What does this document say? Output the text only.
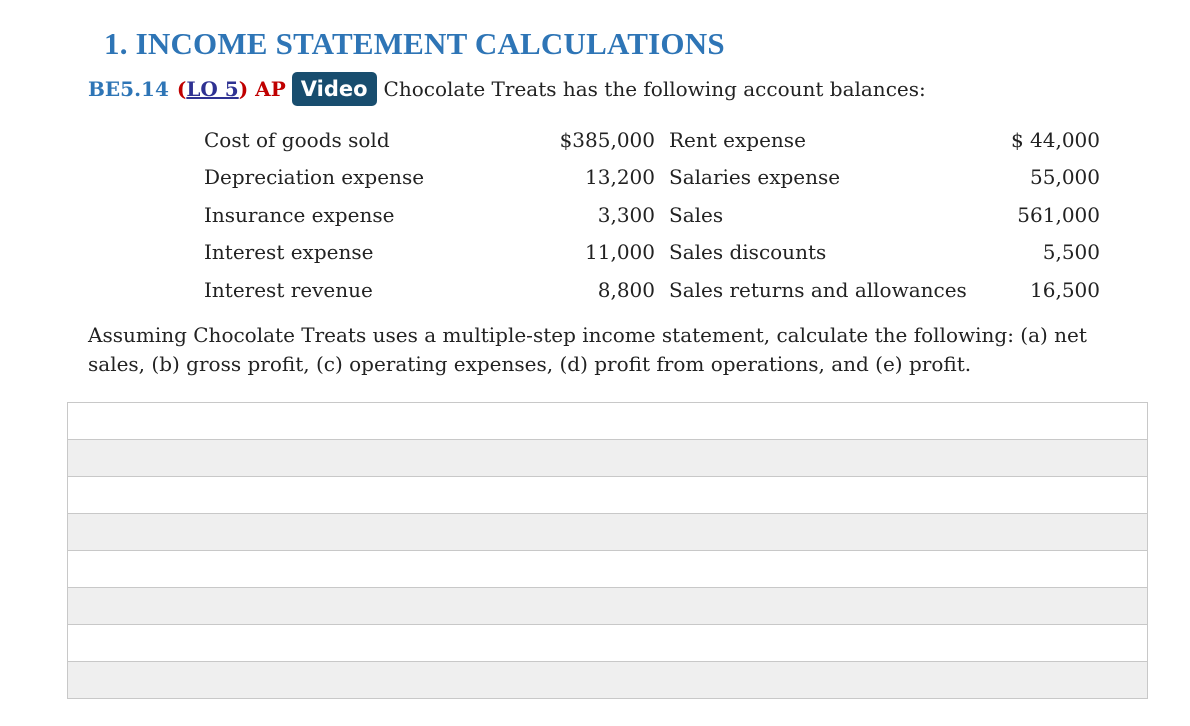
1. INCOME STATEMENT CALCULATIONS
BE5.14 (LO 5) AP Video Chocolate Treats has the following account balances:
Cost of goods sold	$385,000	Rent expense	$ 44,000
Depreciation expense	13,200	Salaries expense	55,000
Insurance expense	3,300	Sales	561,000
Interest expense	11,000	Sales discounts	5,500
Interest revenue	8,800	Sales returns and allowances	16,500
Assuming Chocolate Treats uses a multiple-step income statement, calculate the following: (a) net sales, (b) gross profit, (c) operating expenses, (d) profit from operations, and (e) profit.
